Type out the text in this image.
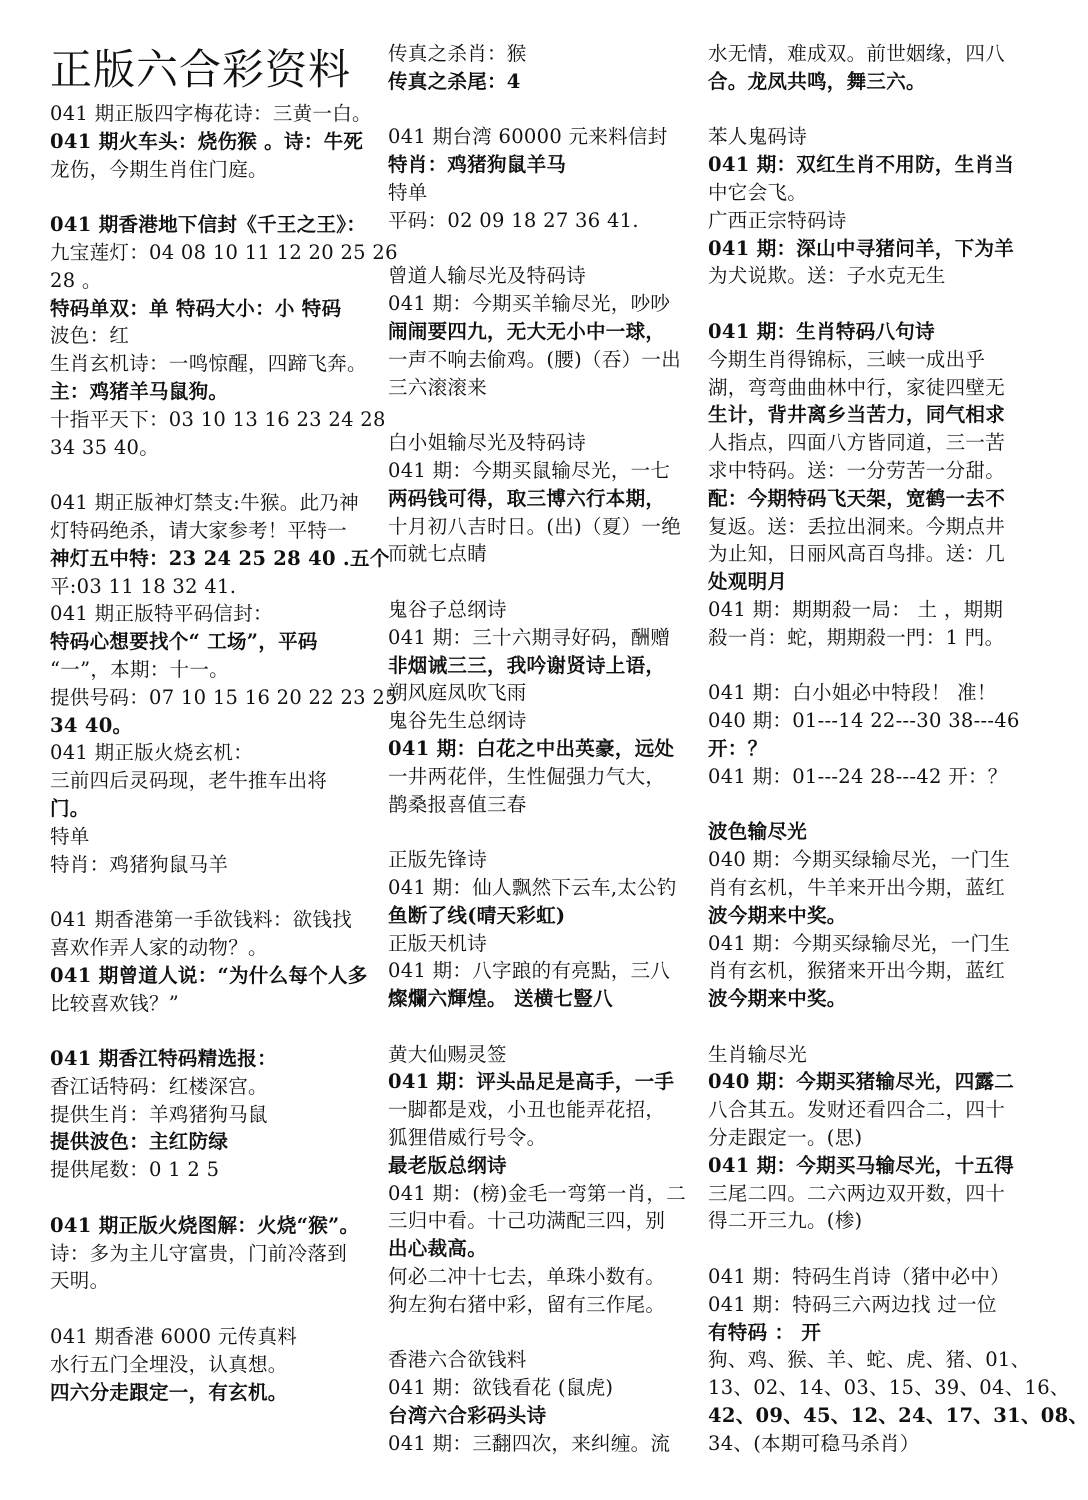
正版六合彩资料
041 期正版四字梅花诗：三黄一白。
041 期火车头：烧伤猴 。诗：牛死
龙伤，今期生肖住门庭。
041 期香港地下信封《千王之王》：
九宝莲灯：04 08 10 11 12 20 25 26
28 。
特码单双：单 特码大小：小 特码
波色：红
生肖玄机诗：一鸣惊醒，四蹄飞奔。
主：鸡猪羊马鼠狗。
十指平天下：03 10 13 16 23 24 28
34 35 40。
041 期正版神灯禁支:牛猴。此乃神
灯特码绝杀，请大家参考！平特一
神灯五中特：23 24 25 28 40 .五个
平:03 11 18 32 41.
041 期正版特平码信封：
特码心想要找个“ 工场”，平码
“一”，本期：十一。
提供号码：07 10 15 16 20 22 23 25
34 40。
041 期正版火烧玄机：
三前四后灵码现，老牛推车出将
门。
特单
特肖：鸡猪狗鼠马羊
041 期香港第一手欲钱料：欲钱找
喜欢作弄人家的动物？。
041 期曾道人说：“为什么每个人多
比较喜欢钱？”
041 期香江特码精选报：
香江话特码：红楼深宫。
提供生肖：羊鸡猪狗马鼠
提供波色：主红防绿
提供尾数：0 1 2 5
041 期正版火烧图解：火烧“猴”。
诗：多为主儿守富贵，门前冷落到
天明。
041 期香港 6000 元传真料
水行五门全埋没，认真想。
四六分走跟定一，有玄机。
传真之杀肖：猴
传真之杀尾：4
041 期台湾 60000 元来料信封
特肖：鸡猪狗鼠羊马
特单
平码：02 09 18 27 36 41.
曾道人输尽光及特码诗
041 期：今期买羊输尽光，吵吵
闹闹要四九，无大无小中一球，
一声不响去偷鸡。(腰)（吞）一出
三六滚滚来
白小姐输尽光及特码诗
041 期：今期买鼠输尽光，一七
两码钱可得，取三博六行本期，
十月初八吉时日。(出)（夏）一绝
而就七点睛
鬼谷子总纲诗
041 期：三十六期寻好码，酬赠
非烟诫三三，我吟谢贤诗上语，
朔风庭凤吹飞雨
鬼谷先生总纲诗
041 期：白花之中出英豪，远处
一井两花伴，生性倔强力气大，
鹊桑报喜值三春
正版先锋诗
041 期：仙人飘然下云车,太公钓
鱼断了线(晴天彩虹)
正版天机诗
041 期：八字踉的有亮點，三八
燦爛六輝煌。 送横七豎八
黄大仙赐灵签
041 期：评头品足是高手，一手
一脚都是戏，小丑也能弄花招，
狐狸借威行号令。
最老版总纲诗
041 期：(榜)金毛一弯第一肖，二
三归中看。十己功满配三四，别
出心裁高。
何必二冲十七去，单珠小数有。
狗左狗右猪中彩，留有三作尾。
香港六合欲钱料
041 期：欲钱看花 (鼠虎)
台湾六合彩码头诗
041 期：三翻四次，来纠缠。流
水无情，难成双。前世姻缘，四八
合。龙凤共鸣，舞三六。
苯人鬼码诗
041 期：双红生肖不用防，生肖当
中它会飞。
广西正宗特码诗
041 期：深山中寻猪问羊，下为羊
为犬说欺。送：子水克无生
041 期：生肖特码八句诗
今期生肖得锦标，三峡一成出乎
湖，弯弯曲曲林中行，家徒四壁无
生计，背井离乡当苦力，同气相求
人指点，四面八方皆同道，三一苦
求中特码。送：一分劳苦一分甜。
配：今期特码飞天架，宽鹤一去不
复返。送：丢拉出洞来。今期点井
为止知，日丽风高百鸟排。送：几
处观明月
041 期：期期殺一局： 土 ，期期
殺一肖：蛇，期期殺一門：1 門。
041 期：白小姐必中特段！ 准！
040 期：01---14 22---30 38---46
开：？
041 期：01---24 28---42 开：？
波色输尽光
040 期：今期买绿输尽光，一门生
肖有玄机，牛羊来开出今期，蓝红
波今期来中奖。
041 期：今期买绿输尽光，一门生
肖有玄机，猴猪来开出今期，蓝红
波今期来中奖。
生肖输尽光
040 期：今期买猪输尽光，四露二
八合其五。发财还看四合二，四十
分走跟定一。(思)
041 期：今期买马输尽光，十五得
三尾二四。二六两边双开数，四十
得二开三九。(椮)
041 期：特码生肖诗（猪中必中）
041 期：特码三六两边找 过一位
有特码 ： 开
狗、鸡、猴、羊、蛇、虎、猪、01、
13、02、14、03、15、39、04、16、
42、09、45、12、24、17、31、08、
34、(本期可稳马杀肖）
